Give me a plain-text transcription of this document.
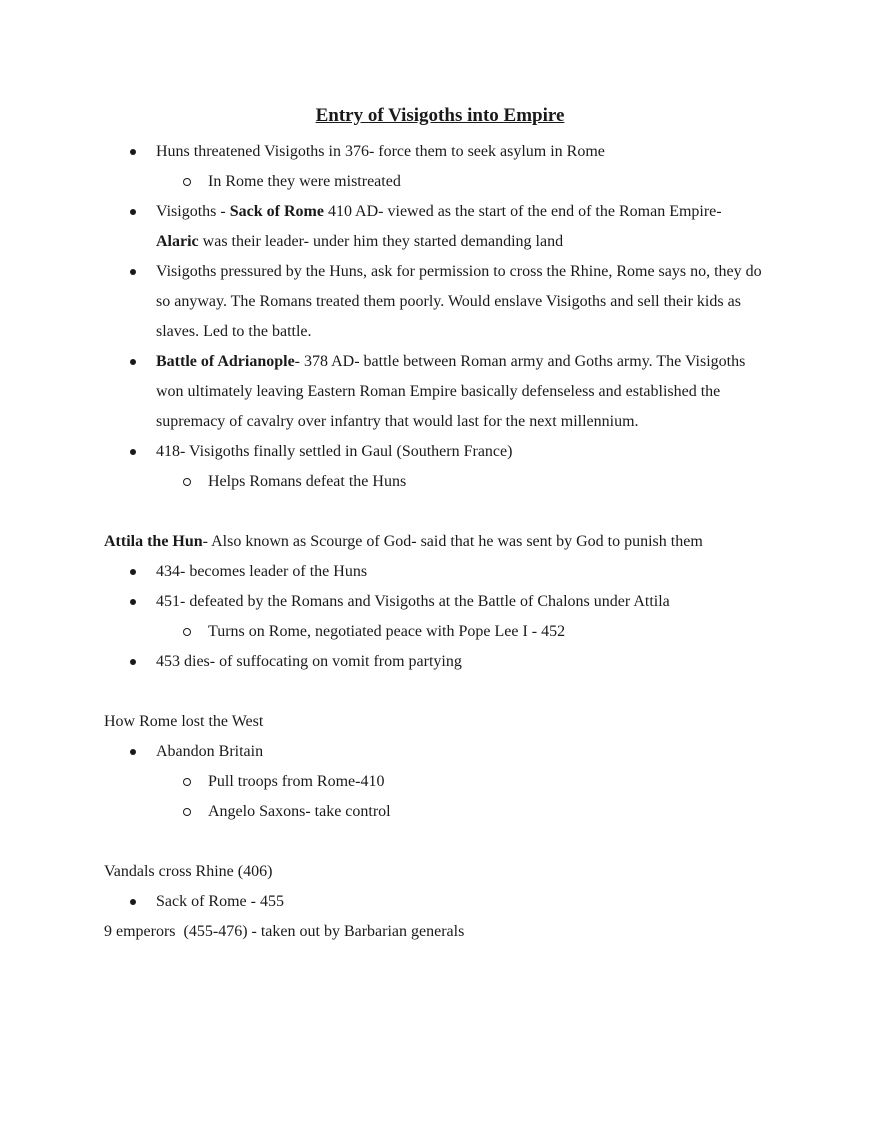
Entry of Visigoths into Empire

Huns threatened Visigoths in 376- force them to seek asylum in Rome

In Rome they were mistreated

Visigoths - Sack of Rome 410 AD- viewed as the start of the end of the Roman Empire-

Alaric was their leader- under him they started demanding land

Visigoths pressured by the Huns, ask for permission to cross the Rhine, Rome says no, they do so anyway. The Romans treated them poorly. Would enslave Visigoths and sell their kids as slaves. Led to the battle.

Battle of Adrianople- 378 AD- battle between Roman army and Goths army. The Visigoths won ultimately leaving Eastern Roman Empire basically defenseless and established the supremacy of cavalry over infantry that would last for the next millennium.

418- Visigoths finally settled in Gaul (Southern France)

Helps Romans defeat the Huns

Attila the Hun- Also known as Scourge of God- said that he was sent by God to punish them

434- becomes leader of the Huns

451- defeated by the Romans and Visigoths at the Battle of Chalons under Attila

Turns on Rome, negotiated peace with Pope Lee I - 452

453 dies- of suffocating on vomit from partying

How Rome lost the West

Abandon Britain

Pull troops from Rome-410

Angelo Saxons- take control

Vandals cross Rhine (406)

Sack of Rome - 455

9 emperors  (455-476) - taken out by Barbarian generals
